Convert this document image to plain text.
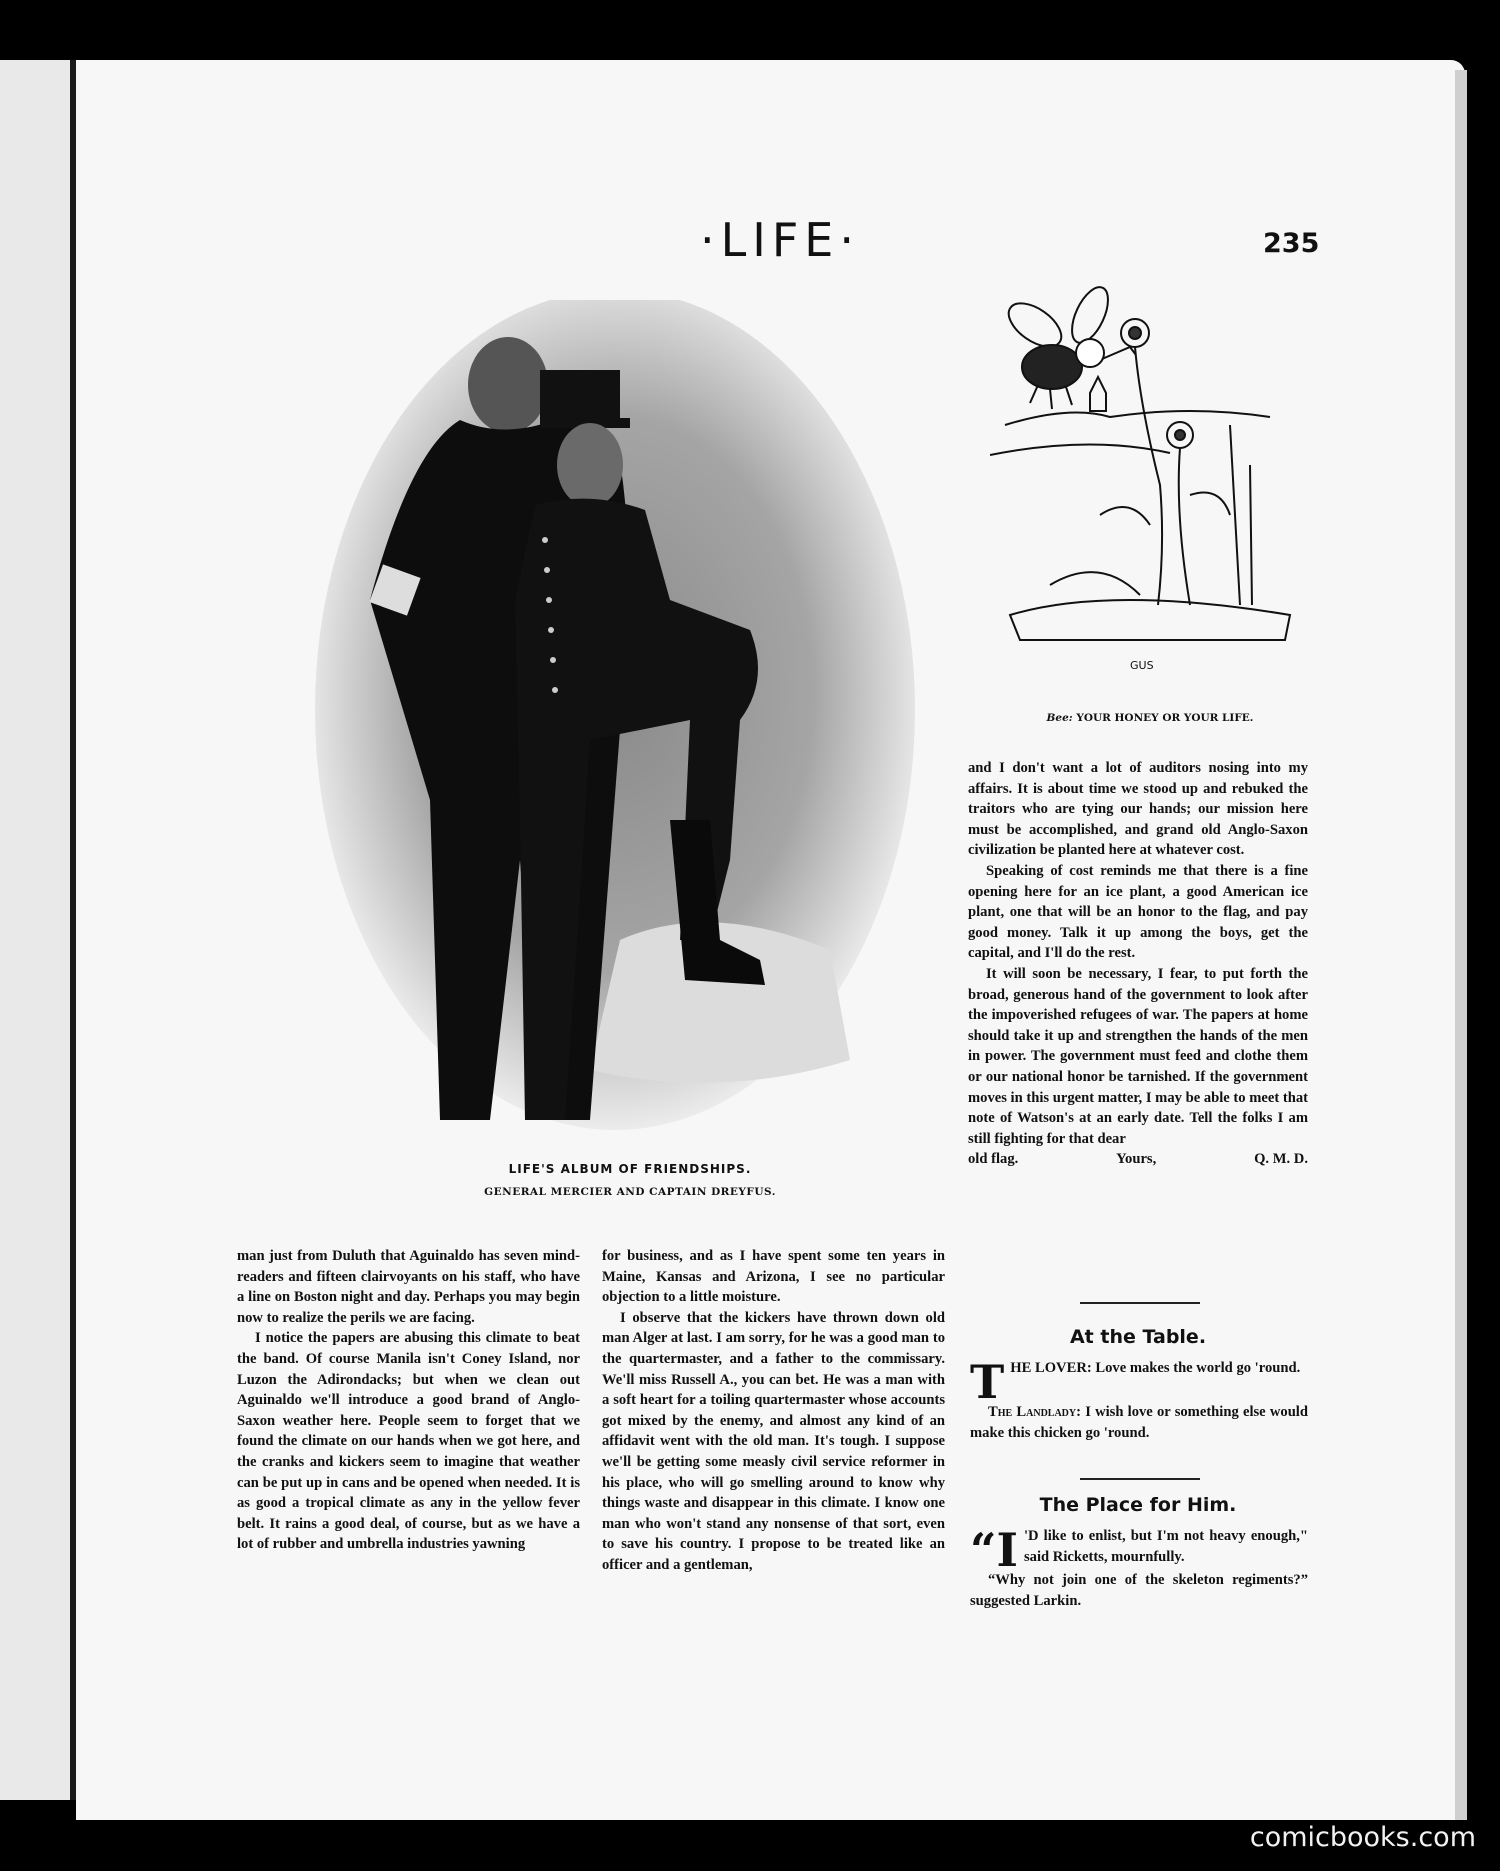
·LIFE·	235
LIFE'S ALBUM OF FRIENDSHIPS.
GENERAL MERCIER AND CAPTAIN DREYFUS.
GUS
Bee: YOUR HONEY OR YOUR LIFE.

man just from Duluth that Aguinaldo has seven mind-readers and fifteen clairvoyants on his staff, who have a line on Boston night and day. Perhaps you may begin now to realize the perils we are facing.

I notice the papers are abusing this climate to beat the band. Of course Manila isn't Coney Island, nor Luzon the Adirondacks; but when we clean out Aguinaldo we'll introduce a good brand of Anglo-Saxon weather here. People seem to forget that we found the climate on our hands when we got here, and the cranks and kickers seem to imagine that weather can be put up in cans and be opened when needed. It is as good a tropical climate as any in the yellow fever belt. It rains a good deal, of course, but as we have a lot of rubber and umbrella industries yawning

for business, and as I have spent some ten years in Maine, Kansas and Arizona, I see no particular objection to a little moisture.

I observe that the kickers have thrown down old man Alger at last. I am sorry, for he was a good man to the quartermaster, and a father to the commissary. We'll miss Russell A., you can bet. He was a man with a soft heart for a toiling quartermaster whose accounts got mixed by the enemy, and almost any kind of an affidavit went with the old man. It's tough. I suppose we'll be getting some measly civil service reformer in his place, who will go smelling around to know why things waste and disappear in this climate. I know one man who won't stand any nonsense of that sort, even to save his country. I propose to be treated like an officer and a gentleman,

and I don't want a lot of auditors nosing into my affairs. It is about time we stood up and rebuked the traitors who are tying our hands; our mission here must be accomplished, and grand old Anglo-Saxon civilization be planted here at whatever cost.

Speaking of cost reminds me that there is a fine opening here for an ice plant, a good American ice plant, one that will be an honor to the flag, and pay good money. Talk it up among the boys, get the capital, and I'll do the rest.

It will soon be necessary, I fear, to put forth the broad, generous hand of the government to look after the impoverished refugees of war. The papers at home should take it up and strengthen the hands of the men in power. The government must feed and clothe them or our national honor be tarnished. If the government moves in this urgent matter, I may be able to meet that note of Watson's at an early date. Tell the folks I am still fighting for that dear

old flag.	Yours,	Q. M. D.
At the Table.

T HE LOVER: Love makes the world go 'round.

The Landlady: I wish love or something else would make this chicken go 'round.

The Place for Him.

“I 'D like to enlist, but I'm not heavy enough," said Ricketts, mournfully.

“Why not join one of the skeleton regiments?” suggested Larkin.

comicbooks.com
